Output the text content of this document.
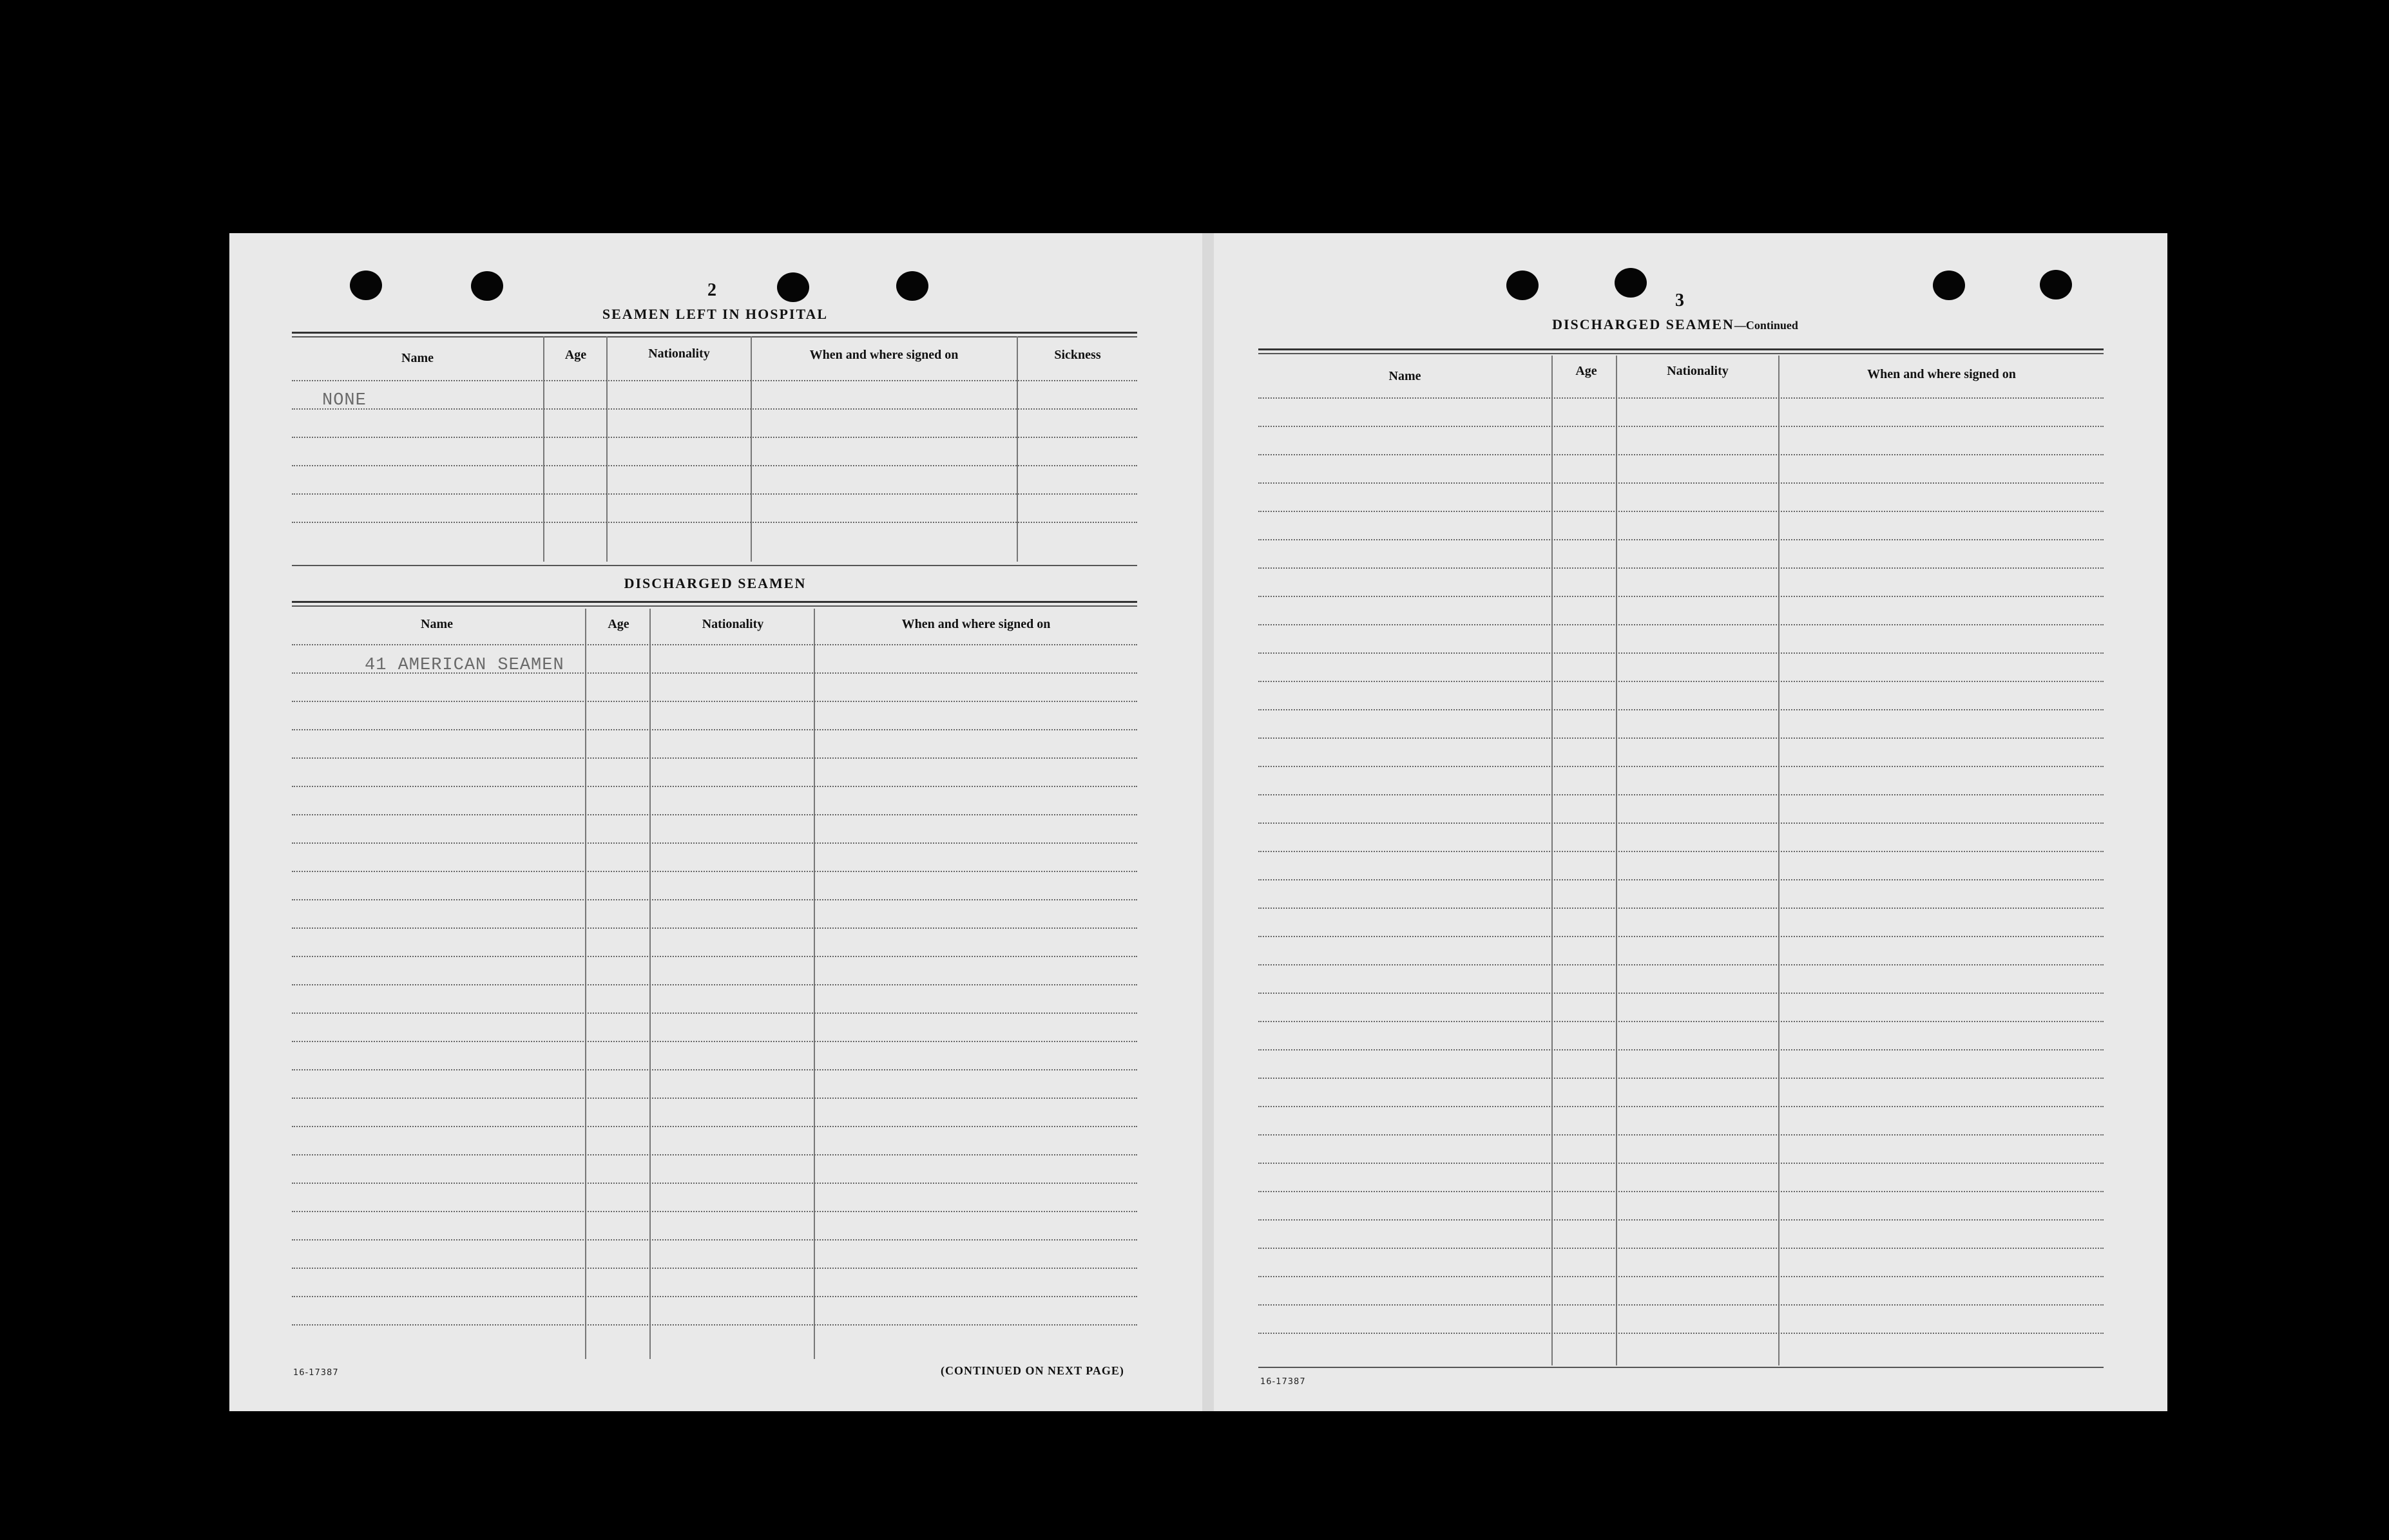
2
SEAMEN LEFT IN HOSPITAL
Name	Age	Nationality	When and where signed on	Sickness
NONE
DISCHARGED SEAMEN
Name	Age	Nationality	When and where signed on
41 AMERICAN SEAMEN
16-17387	(CONTINUED ON NEXT PAGE)
3
DISCHARGED SEAMEN—Continued
Name	Age	Nationality	When and where signed on
16-17387
